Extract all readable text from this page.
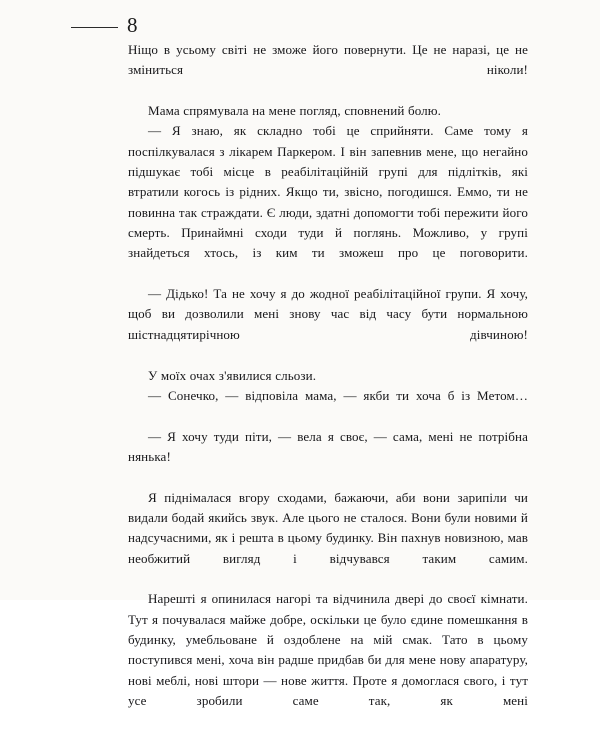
8

Ніщо в усьому світі не зможе його повернути. Це не наразі, це не зміниться ніколи!

Мама спрямувала на мене погляд, сповнений болю.

— Я знаю, як складно тобі це сприйняти. Саме тому я поспілкувалася з лікарем Паркером. І він запевнив мене, що негайно підшукає тобі місце в реабілітаційній групі для підлітків, які втратили когось із рідних. Якщо ти, звісно, погодишся. Еммо, ти не повинна так страждати. Є люди, здатні допомогти тобі пережити його смерть. Принаймні сходи туди й поглянь. Можливо, у групі знайдеться хтось, із ким ти зможеш про це поговорити.

— Дідько! Та не хочу я до жодної реабілітаційної групи. Я хочу, щоб ви дозволили мені знову час від часу бути нормальною шістнадцятирічною дівчиною!

У моїх очах з'явилися сльози.

— Сонечко, — відповіла мама, — якби ти хоча б із Метом…

— Я хочу туди піти, — вела я своє, — сама, мені не потрібна нянька!

Я піднімалася вгору сходами, бажаючи, аби вони зарипіли чи видали бодай якийсь звук. Але цього не сталося. Вони були новими й надсучасними, як і решта в цьому будинку. Він пахнув новизною, мав необжитий вигляд і відчувався таким самим.

Нарешті я опинилася нагорі та відчинила двері до своєї кімнати. Тут я почувалася майже добре, оскільки це було єдине помешкання в будинку, умебльоване й оздоблене на мій смак. Тато в цьому поступився мені, хоча він радше придбав би для мене нову апаратуру, нові меблі, нові штори — нове життя. Проте я домоглася свого, і тут усе зробили саме так, як мені
